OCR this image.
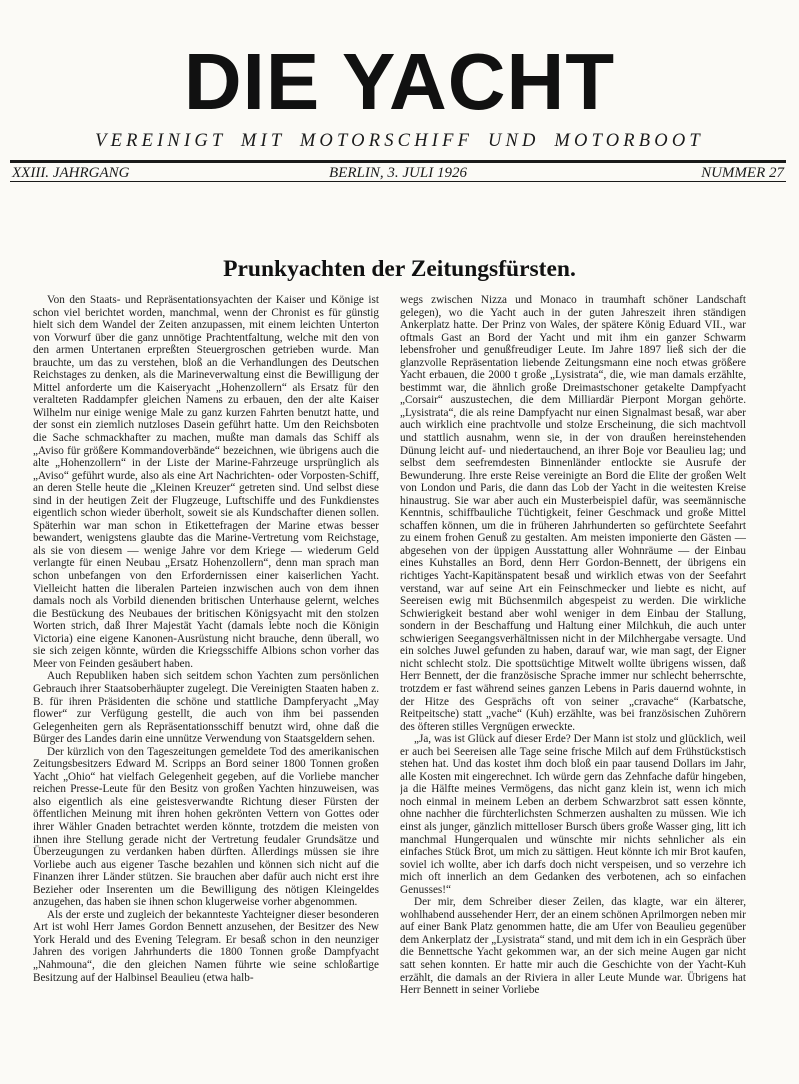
DIE YACHT
VEREINIGT MIT MOTORSCHIFF UND MOTORBOOT
XXIII. JAHRGANG	BERLIN, 3. JULI 1926	NUMMER 27
Prunkyachten der Zeitungsfürsten.

Von den Staats- und Repräsentationsyachten der Kaiser und Könige ist schon viel berichtet worden, manchmal, wenn der Chronist es für günstig hielt sich dem Wandel der Zeiten anzupassen, mit einem leichten Unterton von Vorwurf über die ganz unnötige Prachtentfaltung, welche mit den von den armen Untertanen erpreßten Steuergroschen getrieben wurde. Man brauchte, um das zu verstehen, bloß an die Verhandlungen des Deutschen Reichstages zu denken, als die Marineverwaltung einst die Bewilligung der Mittel anforderte um die Kaiseryacht „Hohenzollern“ als Ersatz für den veralteten Raddampfer gleichen Namens zu erbauen, den der alte Kaiser Wilhelm nur einige wenige Male zu ganz kurzen Fahrten benutzt hatte, und der sonst ein ziemlich nutzloses Dasein geführt hatte. Um den Reichsboten die Sache schmackhafter zu machen, mußte man damals das Schiff als „Aviso für größere Kommandoverbände“ bezeichnen, wie übrigens auch die alte „Hohenzollern“ in der Liste der Marine-Fahrzeuge ursprünglich als „Aviso“ geführt wurde, also als eine Art Nachrichten- oder Vorposten-Schiff, an deren Stelle heute die „Kleinen Kreuzer“ getreten sind. Und selbst diese sind in der heutigen Zeit der Flugzeuge, Luftschiffe und des Funkdienstes eigentlich schon wieder überholt, soweit sie als Kundschafter dienen sollen. Späterhin war man schon in Etikettefragen der Marine etwas besser bewandert, wenigstens glaubte das die Marine-Vertretung vom Reichstage, als sie von diesem — wenige Jahre vor dem Kriege — wiederum Geld verlangte für einen Neubau „Ersatz Hohenzollern“, denn man sprach man schon unbefangen von den Erfordernissen einer kaiserlichen Yacht. Vielleicht hatten die liberalen Parteien inzwischen auch von dem ihnen damals noch als Vorbild dienenden britischen Unterhause gelernt, welches die Bestückung des Neubaues der britischen Königsyacht mit den stolzen Worten strich, daß Ihrer Majestät Yacht (damals lebte noch die Königin Victoria) eine eigene Kanonen-Ausrüstung nicht brauche, denn überall, wo sie sich zeigen könnte, würden die Kriegsschiffe Albions schon vorher das Meer von Feinden gesäubert haben.

Auch Republiken haben sich seitdem schon Yachten zum persönlichen Gebrauch ihrer Staatsoberhäupter zugelegt. Die Vereinigten Staaten haben z. B. für ihren Präsidenten die schöne und stattliche Dampferyacht „May flower“ zur Verfügung gestellt, die auch von ihm bei passenden Gelegenheiten gern als Repräsentationsschiff benutzt wird, ohne daß die Bürger des Landes darin eine unnütze Verwendung von Staatsgeldern sehen.

Der kürzlich von den Tageszeitungen gemeldete Tod des amerikanischen Zeitungsbesitzers Edward M. Scripps an Bord seiner 1800 Tonnen großen Yacht „Ohio“ hat vielfach Gelegenheit gegeben, auf die Vorliebe mancher reichen Presse-Leute für den Besitz von großen Yachten hinzuweisen, was also eigentlich als eine geistesverwandte Richtung dieser Fürsten der öffentlichen Meinung mit ihren hohen gekrönten Vettern von Gottes oder ihrer Wähler Gnaden betrachtet werden könnte, trotzdem die meisten von ihnen ihre Stellung gerade nicht der Vertretung feudaler Grundsätze und Überzeugungen zu verdanken haben dürften. Allerdings müssen sie ihre Vorliebe auch aus eigener Tasche bezahlen und können sich nicht auf die Finanzen ihrer Länder stützen. Sie brauchen aber dafür auch nicht erst ihre Bezieher oder Inserenten um die Bewilligung des nötigen Kleingeldes anzugehen, das haben sie ihnen schon klugerweise vorher abgenommen.

Als der erste und zugleich der bekannteste Yachteigner dieser besonderen Art ist wohl Herr James Gordon Bennett anzusehen, der Besitzer des New York Herald und des Evening Telegram. Er besaß schon in den neunziger Jahren des vorigen Jahrhunderts die 1800 Tonnen große Dampfyacht „Nahmouna“, die den gleichen Namen führte wie seine schloßartige Besitzung auf der Halbinsel Beaulieu (etwa halb-

wegs zwischen Nizza und Monaco in traumhaft schöner Landschaft gelegen), wo die Yacht auch in der guten Jahreszeit ihren ständigen Ankerplatz hatte. Der Prinz von Wales, der spätere König Eduard VII., war oftmals Gast an Bord der Yacht und mit ihm ein ganzer Schwarm lebensfroher und genußfreudiger Leute. Im Jahre 1897 ließ sich der die glanzvolle Repräsentation liebende Zeitungsmann eine noch etwas größere Yacht erbauen, die 2000 t große „Lysistrata“, die, wie man damals erzählte, bestimmt war, die ähnlich große Dreimastschoner getakelte Dampfyacht „Corsair“ auszustechen, die dem Milliardär Pierpont Morgan gehörte. „Lysistrata“, die als reine Dampfyacht nur einen Signalmast besaß, war aber auch wirklich eine prachtvolle und stolze Erscheinung, die sich machtvoll und stattlich ausnahm, wenn sie, in der von draußen hereinstehenden Dünung leicht auf- und niedertauchend, an ihrer Boje vor Beaulieu lag; und selbst dem seefremdesten Binnenländer entlockte sie Ausrufe der Bewunderung. Ihre erste Reise vereinigte an Bord die Elite der großen Welt von London und Paris, die dann das Lob der Yacht in die weitesten Kreise hinaustrug. Sie war aber auch ein Musterbeispiel dafür, was seemännische Kenntnis, schiffbauliche Tüchtigkeit, feiner Geschmack und große Mittel schaffen können, um die in früheren Jahrhunderten so gefürchtete Seefahrt zu einem frohen Genuß zu gestalten. Am meisten imponierte den Gästen — abgesehen von der üppigen Ausstattung aller Wohnräume — der Einbau eines Kuhstalles an Bord, denn Herr Gordon-Bennett, der übrigens ein richtiges Yacht-Kapitänspatent besaß und wirklich etwas von der Seefahrt verstand, war auf seine Art ein Feinschmecker und liebte es nicht, auf Seereisen ewig mit Büchsenmilch abgespeist zu werden. Die wirkliche Schwierigkeit bestand aber wohl weniger in dem Einbau der Stallung, sondern in der Beschaffung und Haltung einer Milchkuh, die auch unter schwierigen Seegangsverhältnissen nicht in der Milchhergabe versagte. Und ein solches Juwel gefunden zu haben, darauf war, wie man sagt, der Eigner nicht schlecht stolz. Die spottsüchtige Mitwelt wollte übrigens wissen, daß Herr Bennett, der die französische Sprache immer nur schlecht beherrschte, trotzdem er fast während seines ganzen Lebens in Paris dauernd wohnte, in der Hitze des Gesprächs oft von seiner „cravache“ (Karbatsche, Reitpeitsche) statt „vache“ (Kuh) erzählte, was bei französischen Zuhörern des öfteren stilles Vergnügen erweckte.

„Ja, was ist Glück auf dieser Erde? Der Mann ist stolz und glücklich, weil er auch bei Seereisen alle Tage seine frische Milch auf dem Frühstückstisch stehen hat. Und das kostet ihm doch bloß ein paar tausend Dollars im Jahr, alle Kosten mit eingerechnet. Ich würde gern das Zehnfache dafür hingeben, ja die Hälfte meines Vermögens, das nicht ganz klein ist, wenn ich mich noch einmal in meinem Leben an derbem Schwarzbrot satt essen könnte, ohne nachher die fürchterlichsten Schmerzen aushalten zu müssen. Wie ich einst als junger, gänzlich mittelloser Bursch übers große Wasser ging, litt ich manchmal Hungerqualen und wünschte mir nichts sehnlicher als ein einfaches Stück Brot, um mich zu sättigen. Heut könnte ich mir Brot kaufen, soviel ich wollte, aber ich darfs doch nicht verspeisen, und so verzehre ich mich oft innerlich an dem Gedanken des verbotenen, ach so einfachen Genusses!“

Der mir, dem Schreiber dieser Zeilen, das klagte, war ein älterer, wohlhabend aussehender Herr, der an einem schönen Aprilmorgen neben mir auf einer Bank Platz genommen hatte, die am Ufer von Beaulieu gegenüber dem Ankerplatz der „Lysistrata“ stand, und mit dem ich in ein Gespräch über die Bennettsche Yacht gekommen war, an der sich meine Augen gar nicht satt sehen konnten. Er hatte mir auch die Geschichte von der Yacht-Kuh erzählt, die damals an der Riviera in aller Leute Munde war. Übrigens hat Herr Bennett in seiner Vorliebe
